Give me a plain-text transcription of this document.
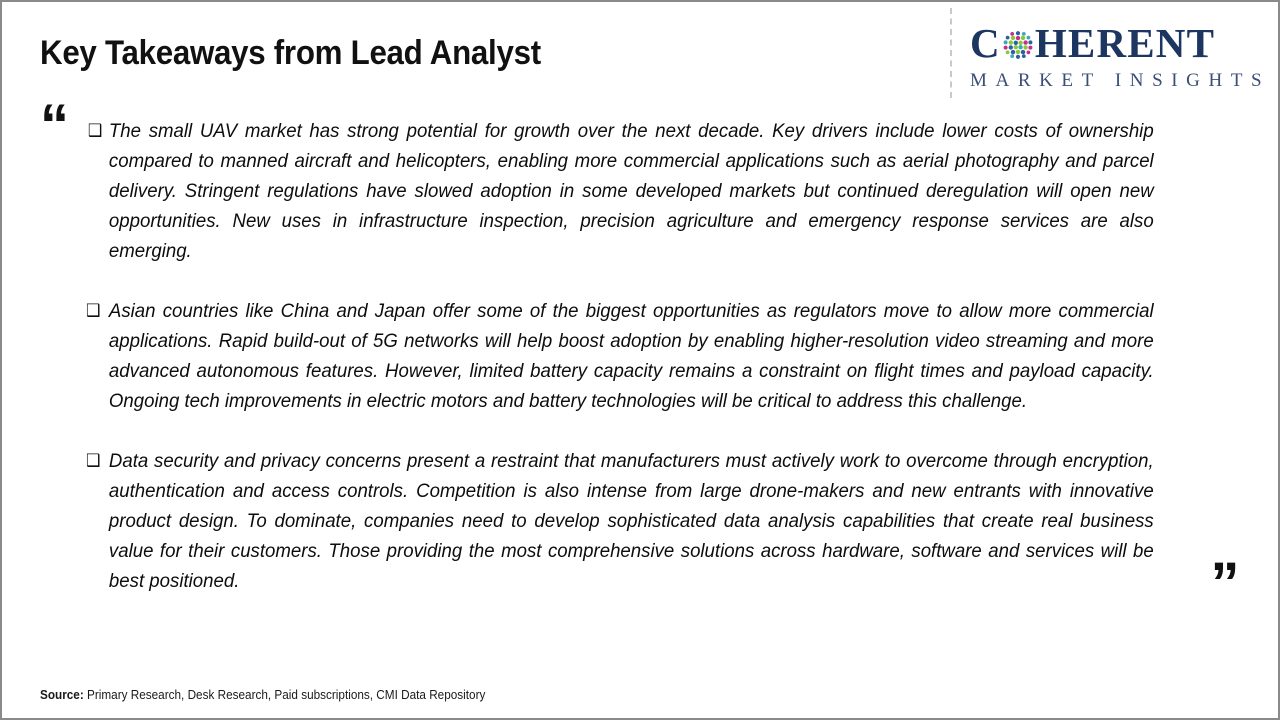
Key Takeaways from Lead Analyst	C HERENT
MARKET INSIGHTS
“ ❑ The small UAV market has strong potential for growth over the next decade. Key drivers include lower costs of ownership compared to manned aircraft and helicopters, enabling more commercial applications such as aerial photography and parcel delivery. Stringent regulations have slowed adoption in some developed markets but continued deregulation will open new opportunities. New uses in infrastructure inspection, precision agriculture and emergency response services are also emerging.
❑ Asian countries like China and Japan offer some of the biggest opportunities as regulators move to allow more commercial applications. Rapid build-out of 5G networks will help boost adoption by enabling higher-resolution video streaming and more advanced autonomous features. However, limited battery capacity remains a constraint on flight times and payload capacity. Ongoing tech improvements in electric motors and battery technologies will be critical to address this challenge.
❑ Data security and privacy concerns present a restraint that manufacturers must actively work to overcome through encryption, authentication and access controls. Competition is also intense from large drone-makers and new entrants with innovative product design. To dominate, companies need to develop sophisticated data analysis capabilities that create real business value for their customers. Those providing the most comprehensive solutions across hardware, software and services will be best positioned.	”
Source: Primary Research, Desk Research, Paid subscriptions, CMI Data Repository
